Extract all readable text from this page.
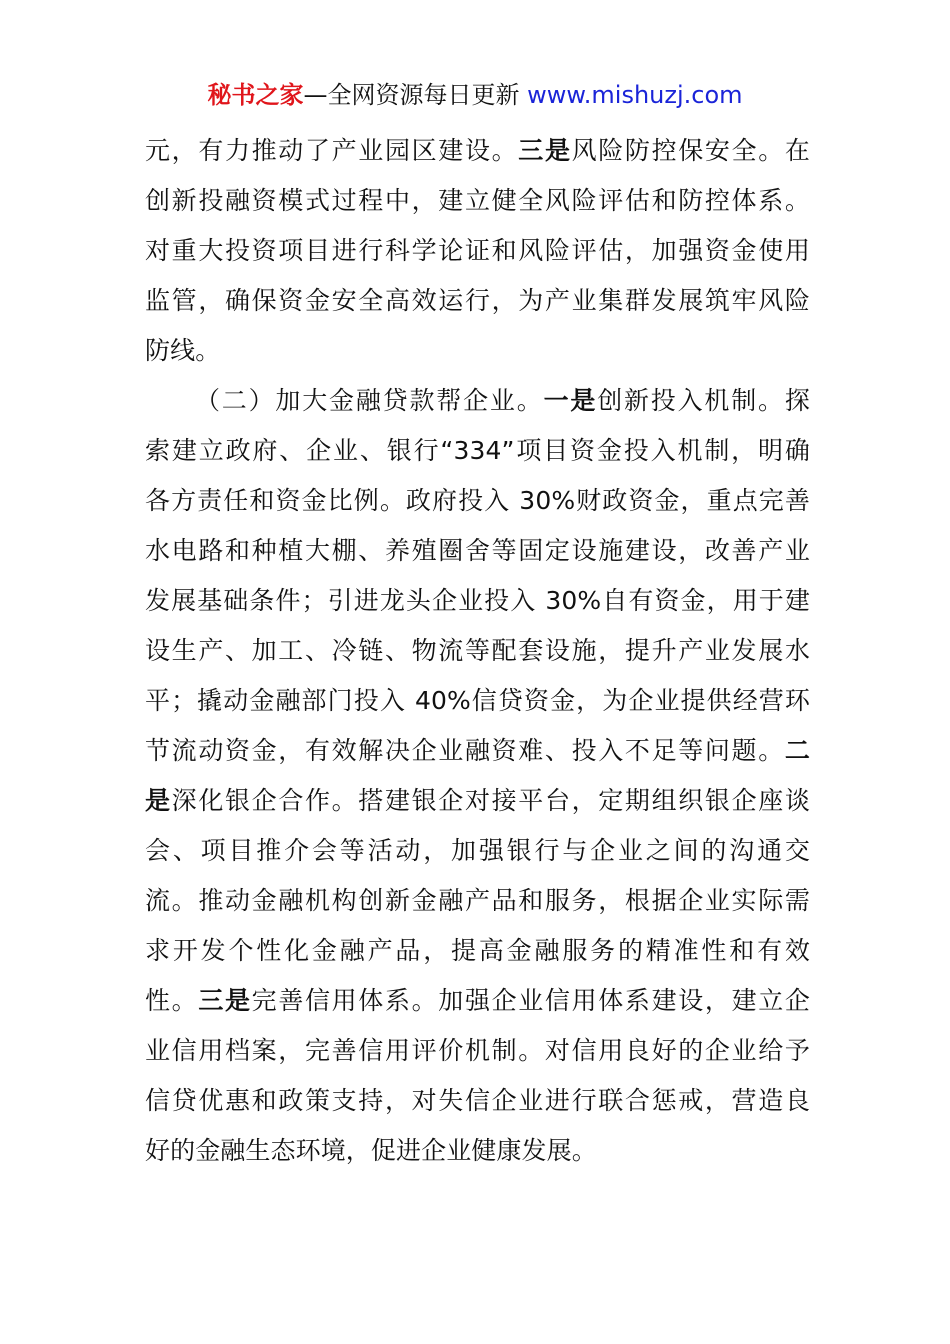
秘书之家—全网资源每日更新 www.mishuzj.com
元，有力推动了产业园区建设。三是风险防控保安全。在
创新投融资模式过程中，建立健全风险评估和防控体系。
对重大投资项目进行科学论证和风险评估，加强资金使用
监管，确保资金安全高效运行，为产业集群发展筑牢风险
防线。
（二）加大金融贷款帮企业。一是创新投入机制。探
索建立政府、企业、银行“334”项目资金投入机制，明确
各方责任和资金比例。政府投入 30%财政资金，重点完善
水电路和种植大棚、养殖圈舍等固定设施建设，改善产业
发展基础条件；引进龙头企业投入 30%自有资金，用于建
设生产、加工、冷链、物流等配套设施，提升产业发展水
平；撬动金融部门投入 40%信贷资金，为企业提供经营环
节流动资金，有效解决企业融资难、投入不足等问题。二
是深化银企合作。搭建银企对接平台，定期组织银企座谈
会、项目推介会等活动，加强银行与企业之间的沟通交
流。推动金融机构创新金融产品和服务，根据企业实际需
求开发个性化金融产品，提高金融服务的精准性和有效
性。三是完善信用体系。加强企业信用体系建设，建立企
业信用档案，完善信用评价机制。对信用良好的企业给予
信贷优惠和政策支持，对失信企业进行联合惩戒，营造良
好的金融生态环境，促进企业健康发展。
